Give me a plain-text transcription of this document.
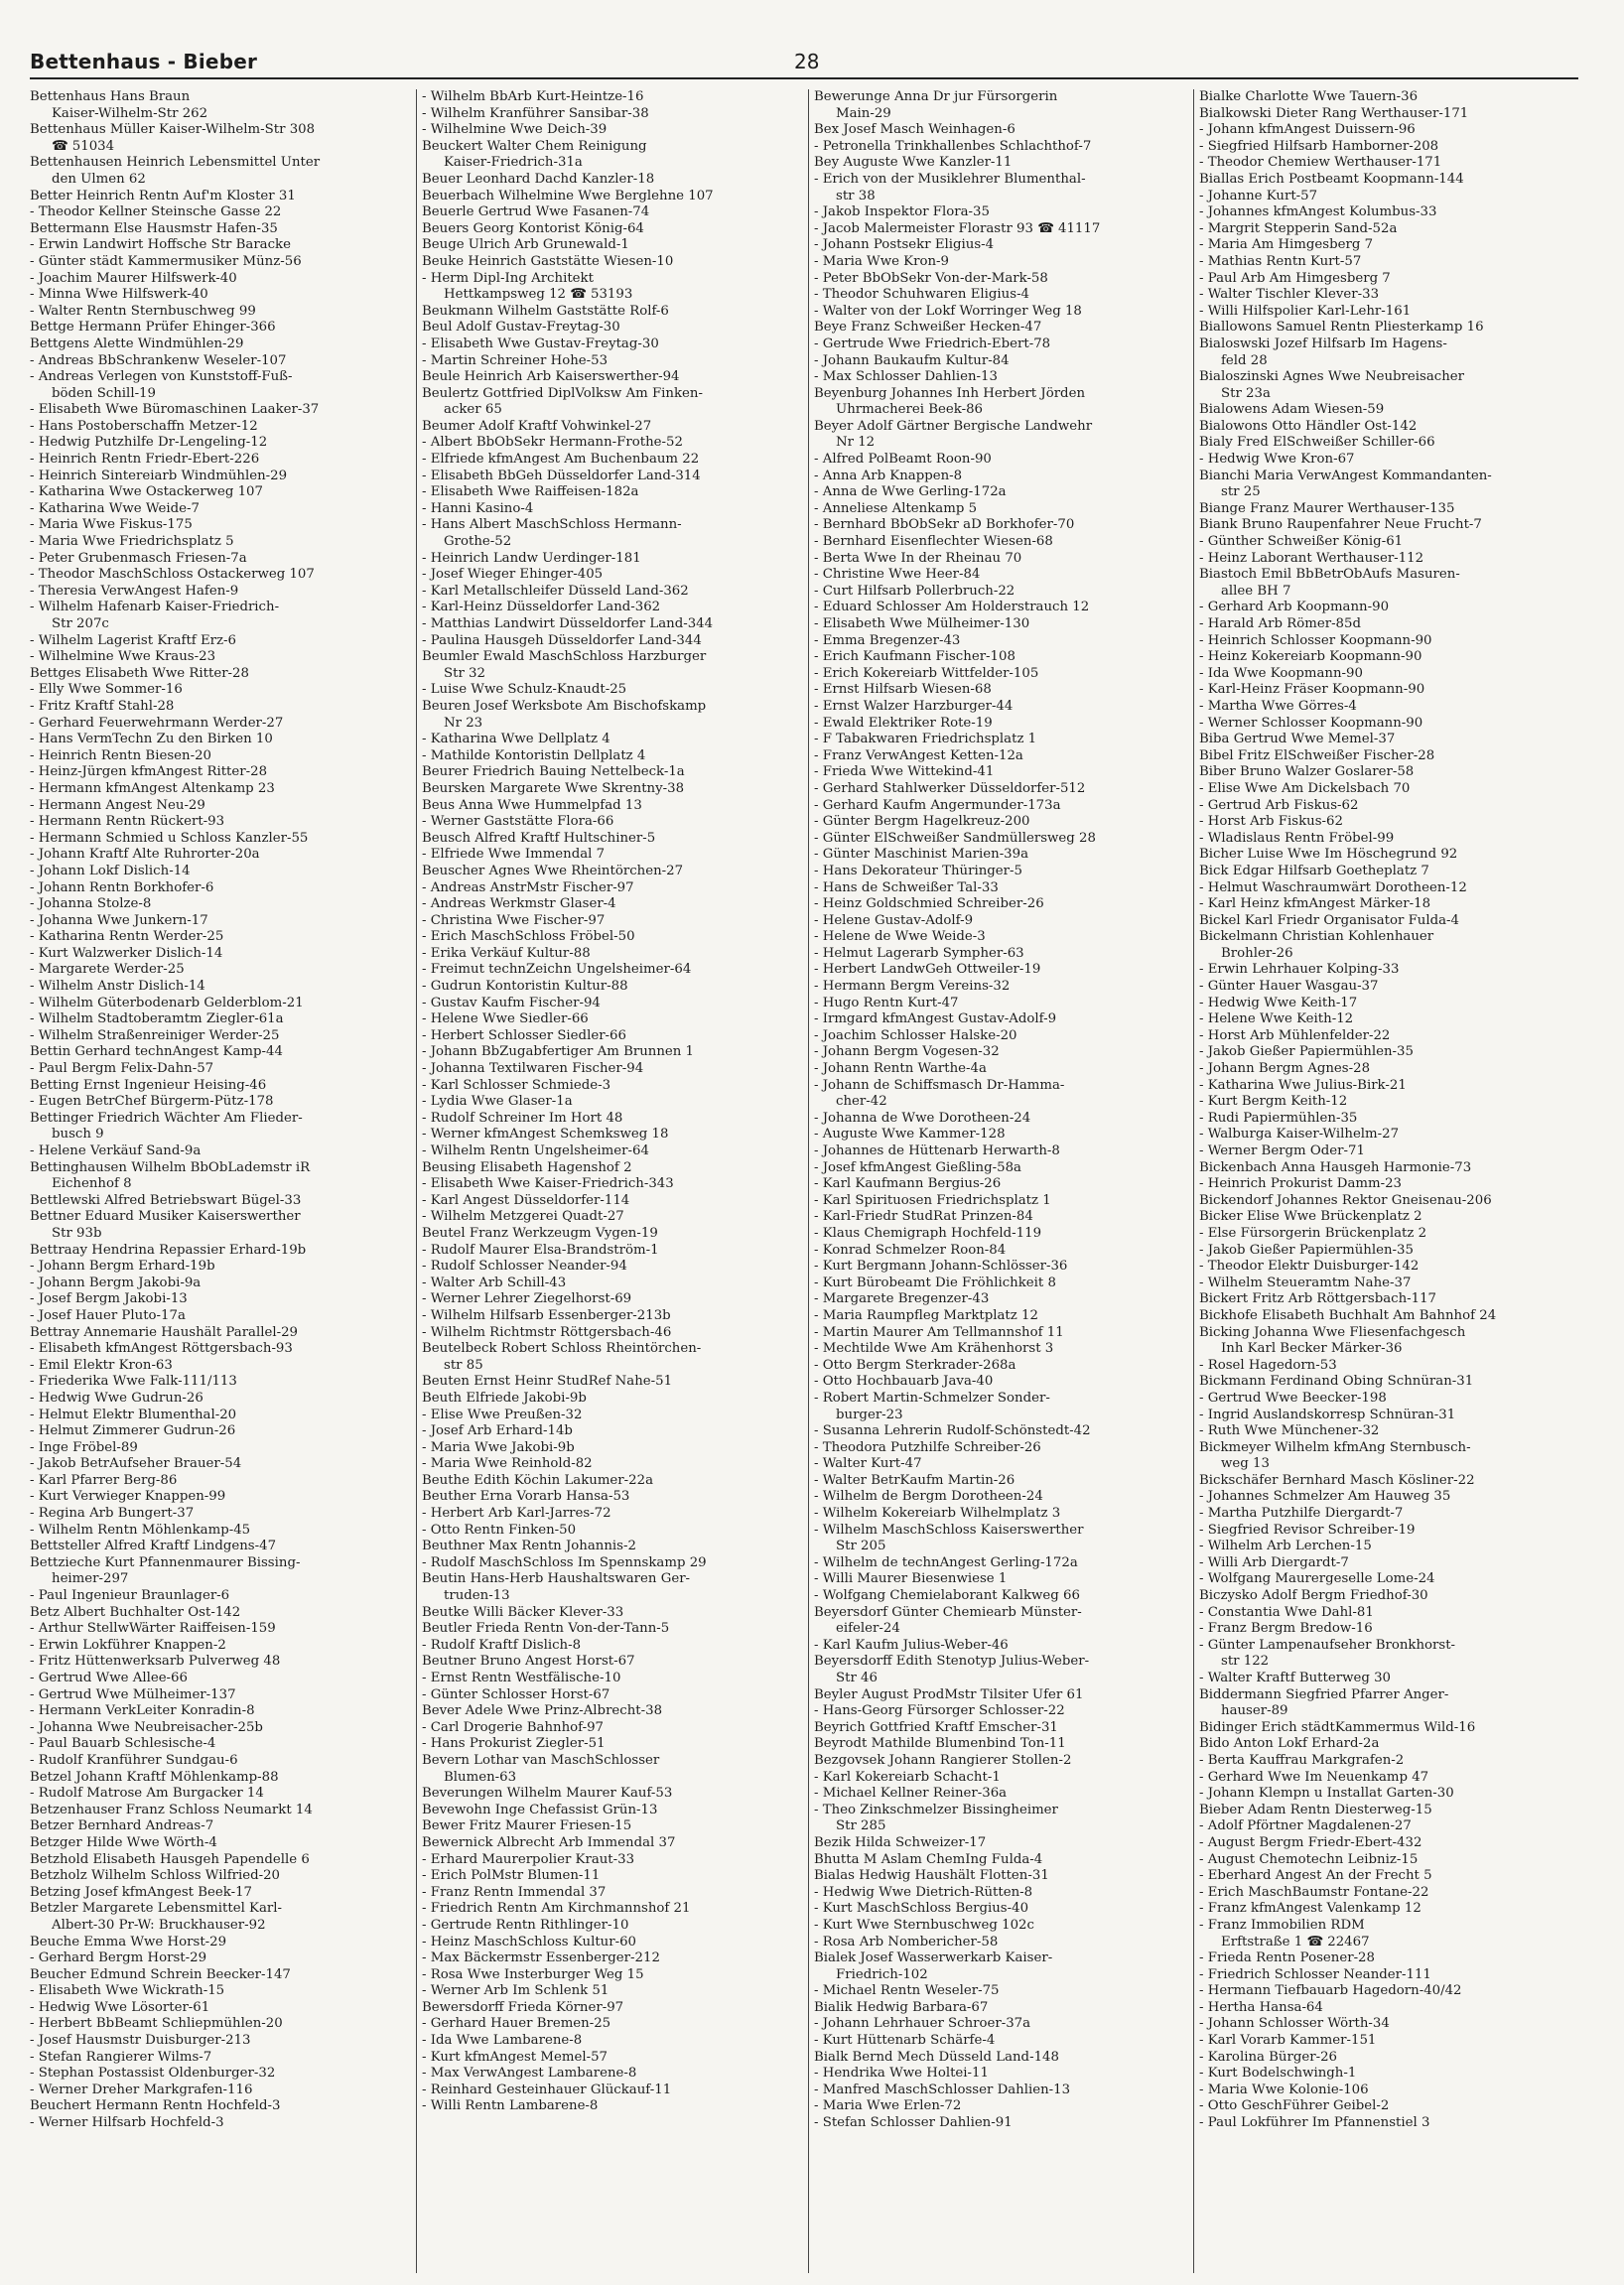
Bettenhaus - Bieber	28
Bettenhaus Hans Braun
Kaiser-Wilhelm-Str 262
Bettenhaus Müller Kaiser-Wilhelm-Str 308
☎ 51034
Bettenhausen Heinrich Lebensmittel Unter
den Ulmen 62
Better Heinrich Rentn Auf'm Kloster 31
- Theodor Kellner Steinsche Gasse 22
Bettermann Else Hausmstr Hafen-35
- Erwin Landwirt Hoffsche Str Baracke
- Günter städt Kammermusiker Münz-56
- Joachim Maurer Hilfswerk-40
- Minna Wwe Hilfswerk-40
- Walter Rentn Sternbuschweg 99
Bettge Hermann Prüfer Ehinger-366
Bettgens Alette Windmühlen-29
- Andreas BbSchrankenw Weseler-107
- Andreas Verlegen von Kunststoff-Fuß-
böden Schill-19
- Elisabeth Wwe Büromaschinen Laaker-37
- Hans Postoberschaffn Metzer-12
- Hedwig Putzhilfe Dr-Lengeling-12
- Heinrich Rentn Friedr-Ebert-226
- Heinrich Sintereiarb Windmühlen-29
- Katharina Wwe Ostackerweg 107
- Katharina Wwe Weide-7
- Maria Wwe Fiskus-175
- Maria Wwe Friedrichsplatz 5
- Peter Grubenmasch Friesen-7a
- Theodor MaschSchloss Ostackerweg 107
- Theresia VerwAngest Hafen-9
- Wilhelm Hafenarb Kaiser-Friedrich-
Str 207c
- Wilhelm Lagerist Kraftf Erz-6
- Wilhelmine Wwe Kraus-23
Bettges Elisabeth Wwe Ritter-28
- Elly Wwe Sommer-16
- Fritz Kraftf Stahl-28
- Gerhard Feuerwehrmann Werder-27
- Hans VermTechn Zu den Birken 10
- Heinrich Rentn Biesen-20
- Heinz-Jürgen kfmAngest Ritter-28
- Hermann kfmAngest Altenkamp 23
- Hermann Angest Neu-29
- Hermann Rentn Rückert-93
- Hermann Schmied u Schloss Kanzler-55
- Johann Kraftf Alte Ruhrorter-20a
- Johann Lokf Dislich-14
- Johann Rentn Borkhofer-6
- Johanna Stolze-8
- Johanna Wwe Junkern-17
- Katharina Rentn Werder-25
- Kurt Walzwerker Dislich-14
- Margarete Werder-25
- Wilhelm Anstr Dislich-14
- Wilhelm Güterbodenarb Gelderblom-21
- Wilhelm Stadtoberamtm Ziegler-61a
- Wilhelm Straßenreiniger Werder-25
Bettin Gerhard technAngest Kamp-44
- Paul Bergm Felix-Dahn-57
Betting Ernst Ingenieur Heising-46
- Eugen BetrChef Bürgerm-Pütz-178
Bettinger Friedrich Wächter Am Flieder-
busch 9
- Helene Verkäuf Sand-9a
Bettinghausen Wilhelm BbObLademstr iR
Eichenhof 8
Bettlewski Alfred Betriebswart Bügel-33
Bettner Eduard Musiker Kaiserswerther
Str 93b
Bettraay Hendrina Repassier Erhard-19b
- Johann Bergm Erhard-19b
- Johann Bergm Jakobi-9a
- Josef Bergm Jakobi-13
- Josef Hauer Pluto-17a
Bettray Annemarie Haushält Parallel-29
- Elisabeth kfmAngest Röttgersbach-93
- Emil Elektr Kron-63
- Friederika Wwe Falk-111/113
- Hedwig Wwe Gudrun-26
- Helmut Elektr Blumenthal-20
- Helmut Zimmerer Gudrun-26
- Inge Fröbel-89
- Jakob BetrAufseher Brauer-54
- Karl Pfarrer Berg-86
- Kurt Verwieger Knappen-99
- Regina Arb Bungert-37
- Wilhelm Rentn Möhlenkamp-45
Bettsteller Alfred Kraftf Lindgens-47
Bettzieche Kurt Pfannenmaurer Bissing-
heimer-297
- Paul Ingenieur Braunlager-6
Betz Albert Buchhalter Ost-142
- Arthur StellwWärter Raiffeisen-159
- Erwin Lokführer Knappen-2
- Fritz Hüttenwerksarb Pulverweg 48
- Gertrud Wwe Allee-66
- Gertrud Wwe Mülheimer-137
- Hermann VerkLeiter Konradin-8
- Johanna Wwe Neubreisacher-25b
- Paul Bauarb Schlesische-4
- Rudolf Kranführer Sundgau-6
Betzel Johann Kraftf Möhlenkamp-88
- Rudolf Matrose Am Burgacker 14
Betzenhauser Franz Schloss Neumarkt 14
Betzer Bernhard Andreas-7
Betzger Hilde Wwe Wörth-4
Betzhold Elisabeth Hausgeh Papendelle 6
Betzholz Wilhelm Schloss Wilfried-20
Betzing Josef kfmAngest Beek-17
Betzler Margarete Lebensmittel Karl-
Albert-30 Pr-W: Bruckhauser-92
Beuche Emma Wwe Horst-29
- Gerhard Bergm Horst-29
Beucher Edmund Schrein Beecker-147
- Elisabeth Wwe Wickrath-15
- Hedwig Wwe Lösorter-61
- Herbert BbBeamt Schliepmühlen-20
- Josef Hausmstr Duisburger-213
- Stefan Rangierer Wilms-7
- Stephan Postassist Oldenburger-32
- Werner Dreher Markgrafen-116
Beuchert Hermann Rentn Hochfeld-3
- Werner Hilfsarb Hochfeld-3
- Wilhelm BbArb Kurt-Heintze-16
- Wilhelm Kranführer Sansibar-38
- Wilhelmine Wwe Deich-39
Beuckert Walter Chem Reinigung
Kaiser-Friedrich-31a
Beuer Leonhard Dachd Kanzler-18
Beuerbach Wilhelmine Wwe Berglehne 107
Beuerle Gertrud Wwe Fasanen-74
Beuers Georg Kontorist König-64
Beuge Ulrich Arb Grunewald-1
Beuke Heinrich Gaststätte Wiesen-10
- Herm Dipl-Ing Architekt
Hettkampsweg 12 ☎ 53193
Beukmann Wilhelm Gaststätte Rolf-6
Beul Adolf Gustav-Freytag-30
- Elisabeth Wwe Gustav-Freytag-30
- Martin Schreiner Hohe-53
Beule Heinrich Arb Kaiserswerther-94
Beulertz Gottfried DiplVolksw Am Finken-
acker 65
Beumer Adolf Kraftf Vohwinkel-27
- Albert BbObSekr Hermann-Frothe-52
- Elfriede kfmAngest Am Buchenbaum 22
- Elisabeth BbGeh Düsseldorfer Land-314
- Elisabeth Wwe Raiffeisen-182a
- Hanni Kasino-4
- Hans Albert MaschSchloss Hermann-
Grothe-52
- Heinrich Landw Uerdinger-181
- Josef Wieger Ehinger-405
- Karl Metallschleifer Düsseld Land-362
- Karl-Heinz Düsseldorfer Land-362
- Matthias Landwirt Düsseldorfer Land-344
- Paulina Hausgeh Düsseldorfer Land-344
Beumler Ewald MaschSchloss Harzburger
Str 32
- Luise Wwe Schulz-Knaudt-25
Beuren Josef Werksbote Am Bischofskamp
Nr 23
- Katharina Wwe Dellplatz 4
- Mathilde Kontoristin Dellplatz 4
Beurer Friedrich Bauing Nettelbeck-1a
Beursken Margarete Wwe Skrentny-38
Beus Anna Wwe Hummelpfad 13
- Werner Gaststätte Flora-66
Beusch Alfred Kraftf Hultschiner-5
- Elfriede Wwe Immendal 7
Beuscher Agnes Wwe Rheintörchen-27
- Andreas AnstrMstr Fischer-97
- Andreas Werkmstr Glaser-4
- Christina Wwe Fischer-97
- Erich MaschSchloss Fröbel-50
- Erika Verkäuf Kultur-88
- Freimut technZeichn Ungelsheimer-64
- Gudrun Kontoristin Kultur-88
- Gustav Kaufm Fischer-94
- Helene Wwe Siedler-66
- Herbert Schlosser Siedler-66
- Johann BbZugabfertiger Am Brunnen 1
- Johanna Textilwaren Fischer-94
- Karl Schlosser Schmiede-3
- Lydia Wwe Glaser-1a
- Rudolf Schreiner Im Hort 48
- Werner kfmAngest Schemksweg 18
- Wilhelm Rentn Ungelsheimer-64
Beusing Elisabeth Hagenshof 2
- Elisabeth Wwe Kaiser-Friedrich-343
- Karl Angest Düsseldorfer-114
- Wilhelm Metzgerei Quadt-27
Beutel Franz Werkzeugm Vygen-19
- Rudolf Maurer Elsa-Brandström-1
- Rudolf Schlosser Neander-94
- Walter Arb Schill-43
- Werner Lehrer Ziegelhorst-69
- Wilhelm Hilfsarb Essenberger-213b
- Wilhelm Richtmstr Röttgersbach-46
Beutelbeck Robert Schloss Rheintörchen-
str 85
Beuten Ernst Heinr StudRef Nahe-51
Beuth Elfriede Jakobi-9b
- Elise Wwe Preußen-32
- Josef Arb Erhard-14b
- Maria Wwe Jakobi-9b
- Maria Wwe Reinhold-82
Beuthe Edith Köchin Lakumer-22a
Beuther Erna Vorarb Hansa-53
- Herbert Arb Karl-Jarres-72
- Otto Rentn Finken-50
Beuthner Max Rentn Johannis-2
- Rudolf MaschSchloss Im Spennskamp 29
Beutin Hans-Herb Haushaltswaren Ger-
truden-13
Beutke Willi Bäcker Klever-33
Beutler Frieda Rentn Von-der-Tann-5
- Rudolf Kraftf Dislich-8
Beutner Bruno Angest Horst-67
- Ernst Rentn Westfälische-10
- Günter Schlosser Horst-67
Bever Adele Wwe Prinz-Albrecht-38
- Carl Drogerie Bahnhof-97
- Hans Prokurist Ziegler-51
Bevern Lothar van MaschSchlosser
Blumen-63
Beverungen Wilhelm Maurer Kauf-53
Bevewohn Inge Chefassist Grün-13
Bewer Fritz Maurer Friesen-15
Bewernick Albrecht Arb Immendal 37
- Erhard Maurerpolier Kraut-33
- Erich PolMstr Blumen-11
- Franz Rentn Immendal 37
- Friedrich Rentn Am Kirchmannshof 21
- Gertrude Rentn Rithlinger-10
- Heinz MaschSchloss Kultur-60
- Max Bäckermstr Essenberger-212
- Rosa Wwe Insterburger Weg 15
- Werner Arb Im Schlenk 51
Bewersdorff Frieda Körner-97
- Gerhard Hauer Bremen-25
- Ida Wwe Lambarene-8
- Kurt kfmAngest Memel-57
- Max VerwAngest Lambarene-8
- Reinhard Gesteinhauer Glückauf-11
- Willi Rentn Lambarene-8
Bewerunge Anna Dr jur Fürsorgerin
Main-29
Bex Josef Masch Weinhagen-6
- Petronella Trinkhallenbes Schlachthof-7
Bey Auguste Wwe Kanzler-11
- Erich von der Musiklehrer Blumenthal-
str 38
- Jakob Inspektor Flora-35
- Jacob Malermeister Florastr 93 ☎ 41117
- Johann Postsekr Eligius-4
- Maria Wwe Kron-9
- Peter BbObSekr Von-der-Mark-58
- Theodor Schuhwaren Eligius-4
- Walter von der Lokf Worringer Weg 18
Beye Franz Schweißer Hecken-47
- Gertrude Wwe Friedrich-Ebert-78
- Johann Baukaufm Kultur-84
- Max Schlosser Dahlien-13
Beyenburg Johannes Inh Herbert Jörden
Uhrmacherei Beek-86
Beyer Adolf Gärtner Bergische Landwehr
Nr 12
- Alfred PolBeamt Roon-90
- Anna Arb Knappen-8
- Anna de Wwe Gerling-172a
- Anneliese Altenkamp 5
- Bernhard BbObSekr aD Borkhofer-70
- Bernhard Eisenflechter Wiesen-68
- Berta Wwe In der Rheinau 70
- Christine Wwe Heer-84
- Curt Hilfsarb Pollerbruch-22
- Eduard Schlosser Am Holderstrauch 12
- Elisabeth Wwe Mülheimer-130
- Emma Bregenzer-43
- Erich Kaufmann Fischer-108
- Erich Kokereiarb Wittfelder-105
- Ernst Hilfsarb Wiesen-68
- Ernst Walzer Harzburger-44
- Ewald Elektriker Rote-19
- F Tabakwaren Friedrichsplatz 1
- Franz VerwAngest Ketten-12a
- Frieda Wwe Wittekind-41
- Gerhard Stahlwerker Düsseldorfer-512
- Gerhard Kaufm Angermunder-173a
- Günter Bergm Hagelkreuz-200
- Günter ElSchweißer Sandmüllersweg 28
- Günter Maschinist Marien-39a
- Hans Dekorateur Thüringer-5
- Hans de Schweißer Tal-33
- Heinz Goldschmied Schreiber-26
- Helene Gustav-Adolf-9
- Helene de Wwe Weide-3
- Helmut Lagerarb Sympher-63
- Herbert LandwGeh Ottweiler-19
- Hermann Bergm Vereins-32
- Hugo Rentn Kurt-47
- Irmgard kfmAngest Gustav-Adolf-9
- Joachim Schlosser Halske-20
- Johann Bergm Vogesen-32
- Johann Rentn Warthe-4a
- Johann de Schiffsmasch Dr-Hamma-
cher-42
- Johanna de Wwe Dorotheen-24
- Auguste Wwe Kammer-128
- Johannes de Hüttenarb Herwarth-8
- Josef kfmAngest Gießling-58a
- Karl Kaufmann Bergius-26
- Karl Spirituosen Friedrichsplatz 1
- Karl-Friedr StudRat Prinzen-84
- Klaus Chemigraph Hochfeld-119
- Konrad Schmelzer Roon-84
- Kurt Bergmann Johann-Schlösser-36
- Kurt Bürobeamt Die Fröhlichkeit 8
- Margarete Bregenzer-43
- Maria Raumpfleg Marktplatz 12
- Martin Maurer Am Tellmannshof 11
- Mechtilde Wwe Am Krähenhorst 3
- Otto Bergm Sterkrader-268a
- Otto Hochbauarb Java-40
- Robert Martin-Schmelzer Sonder-
burger-23
- Susanna Lehrerin Rudolf-Schönstedt-42
- Theodora Putzhilfe Schreiber-26
- Walter Kurt-47
- Walter BetrKaufm Martin-26
- Wilhelm de Bergm Dorotheen-24
- Wilhelm Kokereiarb Wilhelmplatz 3
- Wilhelm MaschSchloss Kaiserswerther
Str 205
- Wilhelm de technAngest Gerling-172a
- Willi Maurer Biesenwiese 1
- Wolfgang Chemielaborant Kalkweg 66
Beyersdorf Günter Chemiearb Münster-
eifeler-24
- Karl Kaufm Julius-Weber-46
Beyersdorff Edith Stenotyp Julius-Weber-
Str 46
Beyler August ProdMstr Tilsiter Ufer 61
- Hans-Georg Fürsorger Schlosser-22
Beyrich Gottfried Kraftf Emscher-31
Beyrodt Mathilde Blumenbind Ton-11
Bezgovsek Johann Rangierer Stollen-2
- Karl Kokereiarb Schacht-1
- Michael Kellner Reiner-36a
- Theo Zinkschmelzer Bissingheimer
Str 285
Bezik Hilda Schweizer-17
Bhutta M Aslam ChemIng Fulda-4
Bialas Hedwig Haushält Flotten-31
- Hedwig Wwe Dietrich-Rütten-8
- Kurt MaschSchloss Bergius-40
- Kurt Wwe Sternbuschweg 102c
- Rosa Arb Nombericher-58
Bialek Josef Wasserwerkarb Kaiser-
Friedrich-102
- Michael Rentn Weseler-75
Bialik Hedwig Barbara-67
- Johann Lehrhauer Schroer-37a
- Kurt Hüttenarb Schärfe-4
Bialk Bernd Mech Düsseld Land-148
- Hendrika Wwe Holtei-11
- Manfred MaschSchlosser Dahlien-13
- Maria Wwe Erlen-72
- Stefan Schlosser Dahlien-91
Bialke Charlotte Wwe Tauern-36
Bialkowski Dieter Rang Werthauser-171
- Johann kfmAngest Duissern-96
- Siegfried Hilfsarb Hamborner-208
- Theodor Chemiew Werthauser-171
Biallas Erich Postbeamt Koopmann-144
- Johanne Kurt-57
- Johannes kfmAngest Kolumbus-33
- Margrit Stepperin Sand-52a
- Maria Am Himgesberg 7
- Mathias Rentn Kurt-57
- Paul Arb Am Himgesberg 7
- Walter Tischler Klever-33
- Willi Hilfspolier Karl-Lehr-161
Biallowons Samuel Rentn Pliesterkamp 16
Bialoswski Jozef Hilfsarb Im Hagens-
feld 28
Bialoszinski Agnes Wwe Neubreisacher
Str 23a
Bialowens Adam Wiesen-59
Bialowons Otto Händler Ost-142
Bialy Fred ElSchweißer Schiller-66
- Hedwig Wwe Kron-67
Bianchi Maria VerwAngest Kommandanten-
str 25
Biange Franz Maurer Werthauser-135
Biank Bruno Raupenfahrer Neue Frucht-7
- Günther Schweißer König-61
- Heinz Laborant Werthauser-112
Biastoch Emil BbBetrObAufs Masuren-
allee BH 7
- Gerhard Arb Koopmann-90
- Harald Arb Römer-85d
- Heinrich Schlosser Koopmann-90
- Heinz Kokereiarb Koopmann-90
- Ida Wwe Koopmann-90
- Karl-Heinz Fräser Koopmann-90
- Martha Wwe Görres-4
- Werner Schlosser Koopmann-90
Biba Gertrud Wwe Memel-37
Bibel Fritz ElSchweißer Fischer-28
Biber Bruno Walzer Goslarer-58
- Elise Wwe Am Dickelsbach 70
- Gertrud Arb Fiskus-62
- Horst Arb Fiskus-62
- Wladislaus Rentn Fröbel-99
Bicher Luise Wwe Im Höschegrund 92
Bick Edgar Hilfsarb Goetheplatz 7
- Helmut Waschraumwärt Dorotheen-12
- Karl Heinz kfmAngest Märker-18
Bickel Karl Friedr Organisator Fulda-4
Bickelmann Christian Kohlenhauer
Brohler-26
- Erwin Lehrhauer Kolping-33
- Günter Hauer Wasgau-37
- Hedwig Wwe Keith-17
- Helene Wwe Keith-12
- Horst Arb Mühlenfelder-22
- Jakob Gießer Papiermühlen-35
- Johann Bergm Agnes-28
- Katharina Wwe Julius-Birk-21
- Kurt Bergm Keith-12
- Rudi Papiermühlen-35
- Walburga Kaiser-Wilhelm-27
- Werner Bergm Oder-71
Bickenbach Anna Hausgeh Harmonie-73
- Heinrich Prokurist Damm-23
Bickendorf Johannes Rektor Gneisenau-206
Bicker Elise Wwe Brückenplatz 2
- Else Fürsorgerin Brückenplatz 2
- Jakob Gießer Papiermühlen-35
- Theodor Elektr Duisburger-142
- Wilhelm Steueramtm Nahe-37
Bickert Fritz Arb Röttgersbach-117
Bickhofe Elisabeth Buchhalt Am Bahnhof 24
Bicking Johanna Wwe Fliesenfachgesch
Inh Karl Becker Märker-36
- Rosel Hagedorn-53
Bickmann Ferdinand Obing Schnüran-31
- Gertrud Wwe Beecker-198
- Ingrid Auslandskorresp Schnüran-31
- Ruth Wwe Münchener-32
Bickmeyer Wilhelm kfmAng Sternbusch-
weg 13
Bickschäfer Bernhard Masch Kösliner-22
- Johannes Schmelzer Am Hauweg 35
- Martha Putzhilfe Diergardt-7
- Siegfried Revisor Schreiber-19
- Wilhelm Arb Lerchen-15
- Willi Arb Diergardt-7
- Wolfgang Maurergeselle Lome-24
Biczysko Adolf Bergm Friedhof-30
- Constantia Wwe Dahl-81
- Franz Bergm Bredow-16
- Günter Lampenaufseher Bronkhorst-
str 122
- Walter Kraftf Butterweg 30
Biddermann Siegfried Pfarrer Anger-
hauser-89
Bidinger Erich städtKammermus Wild-16
Bido Anton Lokf Erhard-2a
- Berta Kauffrau Markgrafen-2
- Gerhard Wwe Im Neuenkamp 47
- Johann Klempn u Installat Garten-30
Bieber Adam Rentn Diesterweg-15
- Adolf Pförtner Magdalenen-27
- August Bergm Friedr-Ebert-432
- August Chemotechn Leibniz-15
- Eberhard Angest An der Frecht 5
- Erich MaschBaumstr Fontane-22
- Franz kfmAngest Valenkamp 12
- Franz Immobilien RDM
Erftstraße 1 ☎ 22467
- Frieda Rentn Posener-28
- Friedrich Schlosser Neander-111
- Hermann Tiefbauarb Hagedorn-40/42
- Hertha Hansa-64
- Johann Schlosser Wörth-34
- Karl Vorarb Kammer-151
- Karolina Bürger-26
- Kurt Bodelschwingh-1
- Maria Wwe Kolonie-106
- Otto GeschFührer Geibel-2
- Paul Lokführer Im Pfannenstiel 3
